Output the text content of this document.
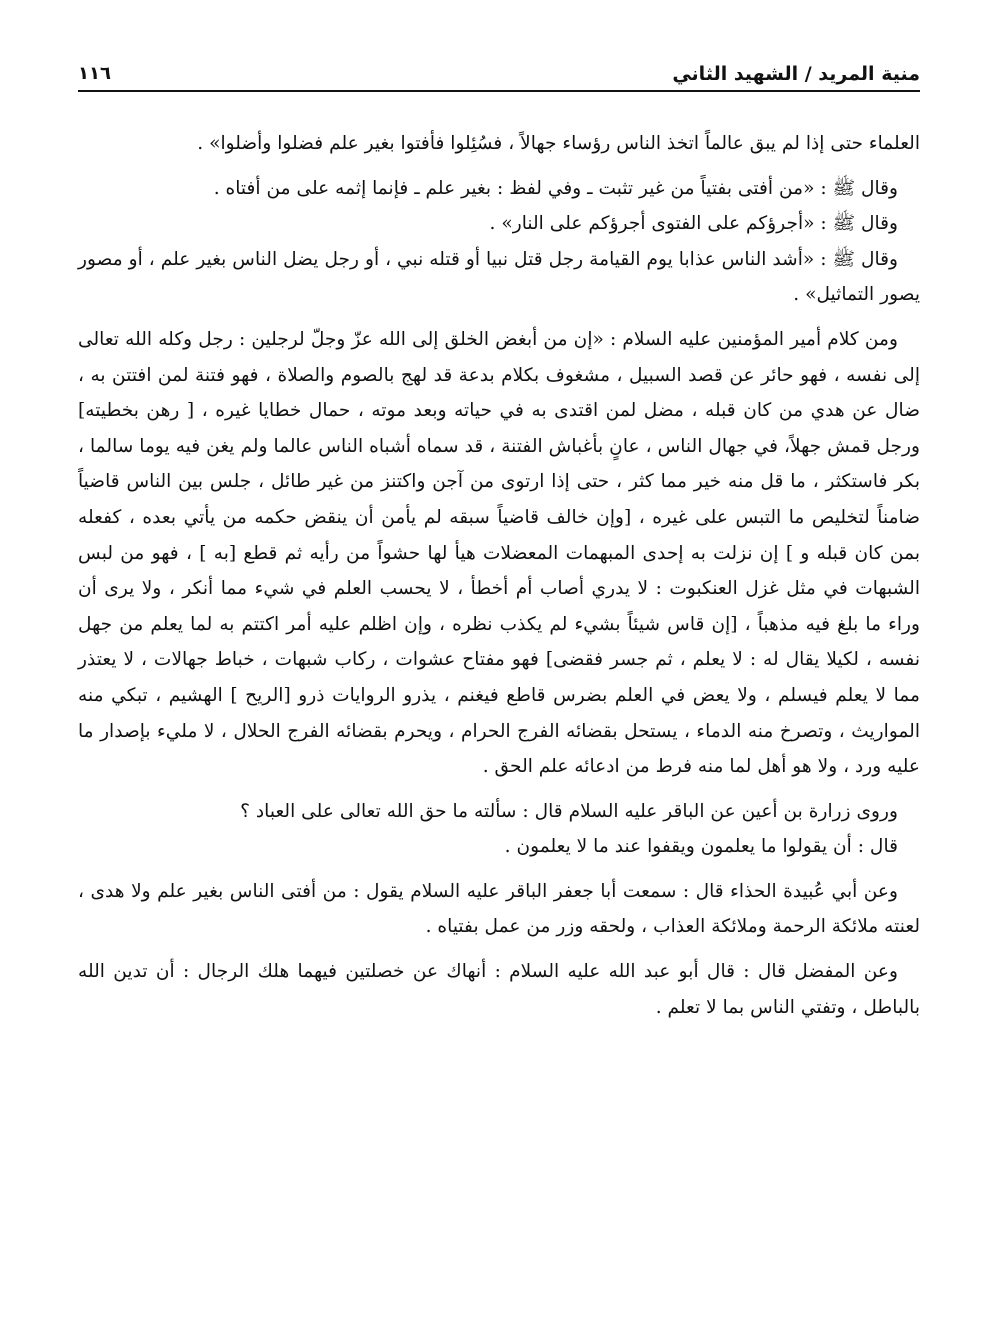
منية المريد / الشهيد الثاني
١١٦

العلماء حتى إذا لم يبق عالماً اتخذ الناس رؤساء جهالاً ، فسُئِلوا فأفتوا بغير علم فضلوا وأضلوا» .

وقال ﷺ : «من أفتى بفتياً من غير تثبت ـ وفي لفظ : بغير علم ـ فإنما إثمه على من أفتاه .

وقال ﷺ : «أجرؤكم على الفتوى أجرؤكم على النار» .

وقال ﷺ : «أشد الناس عذابا يوم القيامة رجل قتل نبيا أو قتله نبي ، أو رجل يضل الناس بغير علم ، أو مصور يصور التماثيل» .

ومن كلام أمير المؤمنين عليه السلام : «إن من أبغض الخلق إلى الله عزّ وجلّ لرجلين : رجل وكله الله تعالى إلى نفسه ، فهو حائر عن قصد السبيل ، مشغوف بكلام بدعة قد لهج بالصوم والصلاة ، فهو فتنة لمن افتتن به ، ضال عن هدي من كان قبله ، مضل لمن اقتدى به في حياته وبعد موته ، حمال خطايا غيره ، [ رهن بخطيته] ورجل قمش جهلاً، في جهال الناس ، عانٍ بأغباش الفتنة ، قد سماه أشباه الناس عالما ولم يغن فيه يوما سالما ، بكر فاستكثر ، ما قل منه خير مما كثر ، حتى إذا ارتوى من آجن واكتنز من غير طائل ، جلس بين الناس قاضياً ضامناً لتخليص ما التبس على غيره ، [وإن خالف قاضياً سبقه لم يأمن أن ينقض حكمه من يأتي بعده ، كفعله بمن كان قبله و ] إن نزلت به إحدى المبهمات المعضلات هيأ لها حشواً من رأيه ثم قطع [به ] ، فهو من لبس الشبهات في مثل غزل العنكبوت : لا يدري أصاب أم أخطأ ، لا يحسب العلم في شيء مما أنكر ، ولا يرى أن وراء ما بلغ فيه مذهباً ، [إن قاس شيئاً بشيء لم يكذب نظره ، وإن اظلم عليه أمر اكتتم به لما يعلم من جهل نفسه ، لكيلا يقال له : لا يعلم ، ثم جسر فقضى] فهو مفتاح عشوات ، ركاب شبهات ، خباط جهالات ، لا يعتذر مما لا يعلم فيسلم ، ولا يعض في العلم بضرس قاطع فيغنم ، يذرو الروايات ذرو [الريح ] الهشيم ، تبكي منه المواريث ، وتصرخ منه الدماء ، يستحل بقضائه الفرج الحرام ، ويحرم بقضائه الفرج الحلال ، لا مليء بإصدار ما عليه ورد ، ولا هو أهل لما منه فرط من ادعائه علم الحق .

وروى زرارة بن أعين عن الباقر عليه السلام قال : سألته ما حق الله تعالى على العباد ؟

قال : أن يقولوا ما يعلمون ويقفوا عند ما لا يعلمون .

وعن أبي عُبيدة الحذاء قال : سمعت أبا جعفر الباقر عليه السلام يقول : من أفتى الناس بغير علم ولا هدى ، لعنته ملائكة الرحمة وملائكة العذاب ، ولحقه وزر من عمل بفتياه .

وعن المفضل قال : قال أبو عبد الله عليه السلام : أنهاك عن خصلتين فيهما هلك الرجال : أن تدين الله بالباطل ، وتفتي الناس بما لا تعلم .
